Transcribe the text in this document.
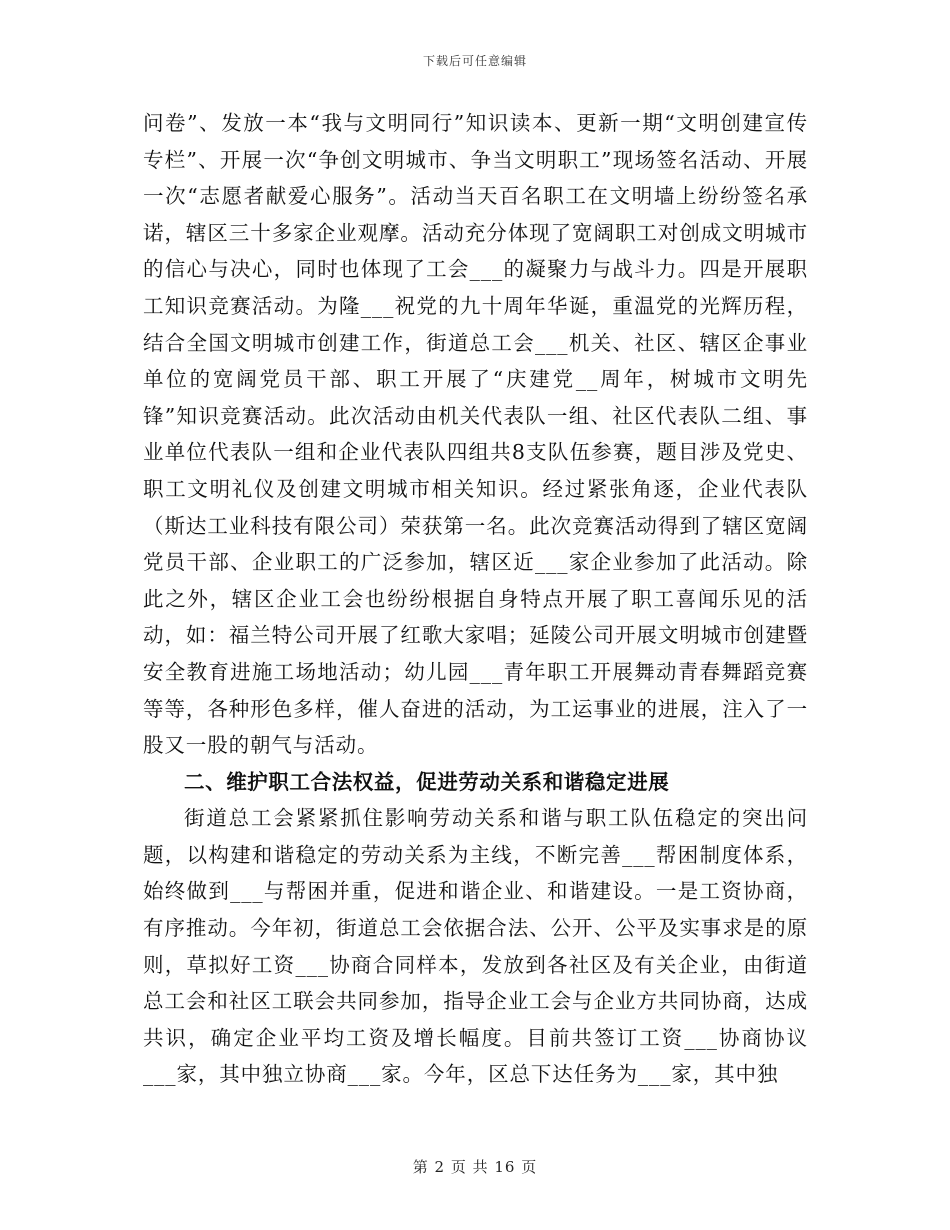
下载后可任意编辑

问卷”、发放一本“我与文明同行”知识读本、更新一期“文明创建宣传专栏”、开展一次“争创文明城市、争当文明职工”现场签名活动、开展一次“志愿者献爱心服务”。活动当天百名职工在文明墙上纷纷签名承诺，辖区三十多家企业观摩。活动充分体现了宽阔职工对创成文明城市的信心与决心，同时也体现了工会___的凝聚力与战斗力。四是开展职工知识竞赛活动。为隆___祝党的九十周年华诞，重温党的光辉历程，结合全国文明城市创建工作，街道总工会___机关、社区、辖区企事业单位的宽阔党员干部、职工开展了“庆建党__周年，树城市文明先锋”知识竞赛活动。此次活动由机关代表队一组、社区代表队二组、事业单位代表队一组和企业代表队四组共8支队伍参赛，题目涉及党史、职工文明礼仪及创建文明城市相关知识。经过紧张角逐，企业代表队（斯达工业科技有限公司）荣获第一名。此次竞赛活动得到了辖区宽阔党员干部、企业职工的广泛参加，辖区近___家企业参加了此活动。除此之外，辖区企业工会也纷纷根据自身特点开展了职工喜闻乐见的活动，如：福兰特公司开展了红歌大家唱；延陵公司开展文明城市创建暨安全教育进施工场地活动；幼儿园___青年职工开展舞动青春舞蹈竞赛等等，各种形色多样，催人奋进的活动，为工运事业的进展，注入了一股又一股的朝气与活动。

二、维护职工合法权益，促进劳动关系和谐稳定进展

街道总工会紧紧抓住影响劳动关系和谐与职工队伍稳定的突出问题，以构建和谐稳定的劳动关系为主线，不断完善___帮困制度体系，始终做到___与帮困并重，促进和谐企业、和谐建设。一是工资协商，有序推动。今年初，街道总工会依据合法、公开、公平及实事求是的原则，草拟好工资___协商合同样本，发放到各社区及有关企业，由街道总工会和社区工联会共同参加，指导企业工会与企业方共同协商，达成共识，确定企业平均工资及增长幅度。目前共签订工资___协商协议___家，其中独立协商___家。今年，区总下达任务为___家，其中独

第 2 页 共 16 页
